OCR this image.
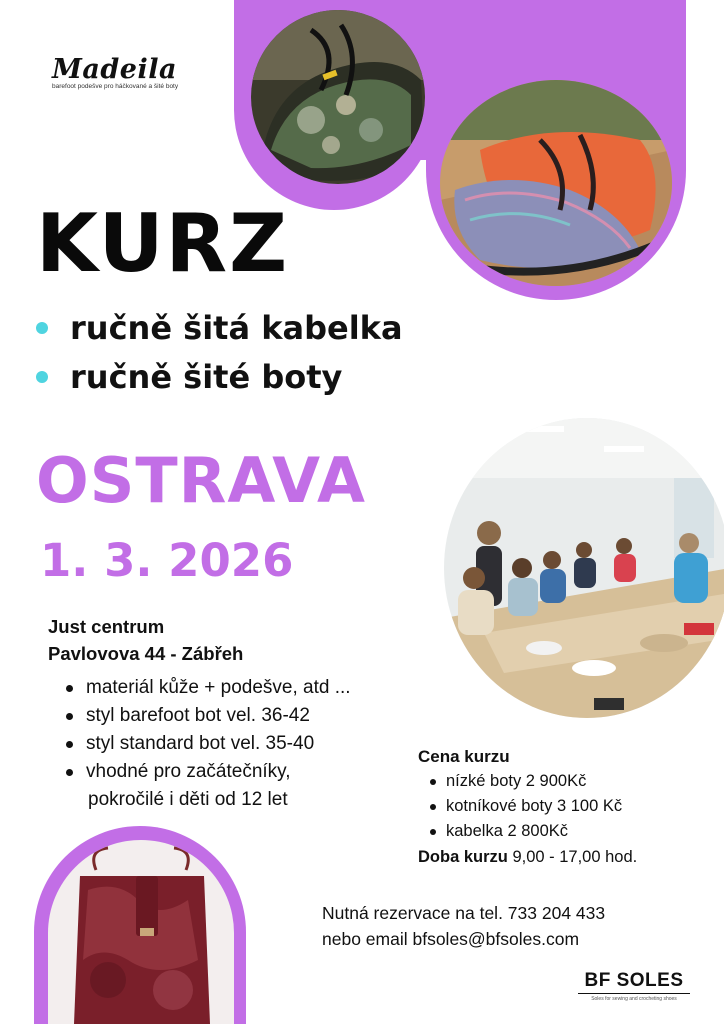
Madeila
barefoot podešve pro háčkované a šité boty
KURZ
ručně šitá kabelka
ručně šité boty
OSTRAVA
1. 3. 2026
Just centrum
Pavlovova 44 - Zábřeh
materiál kůže + podešve, atd ...
styl barefoot bot vel. 36-42
styl standard bot vel. 35-40
vhodné pro začátečníky,
pokročilé i děti od 12 let
Cena kurzu
nízké boty 2 900Kč
kotníkové boty 3 100 Kč
kabelka 2 800Kč
Doba kurzu 9,00 - 17,00 hod.
Nutná rezervace na tel. 733 204 433
nebo email bfsoles@bfsoles.com
BF SOLES
Soles for sewing and crocheting shoes
